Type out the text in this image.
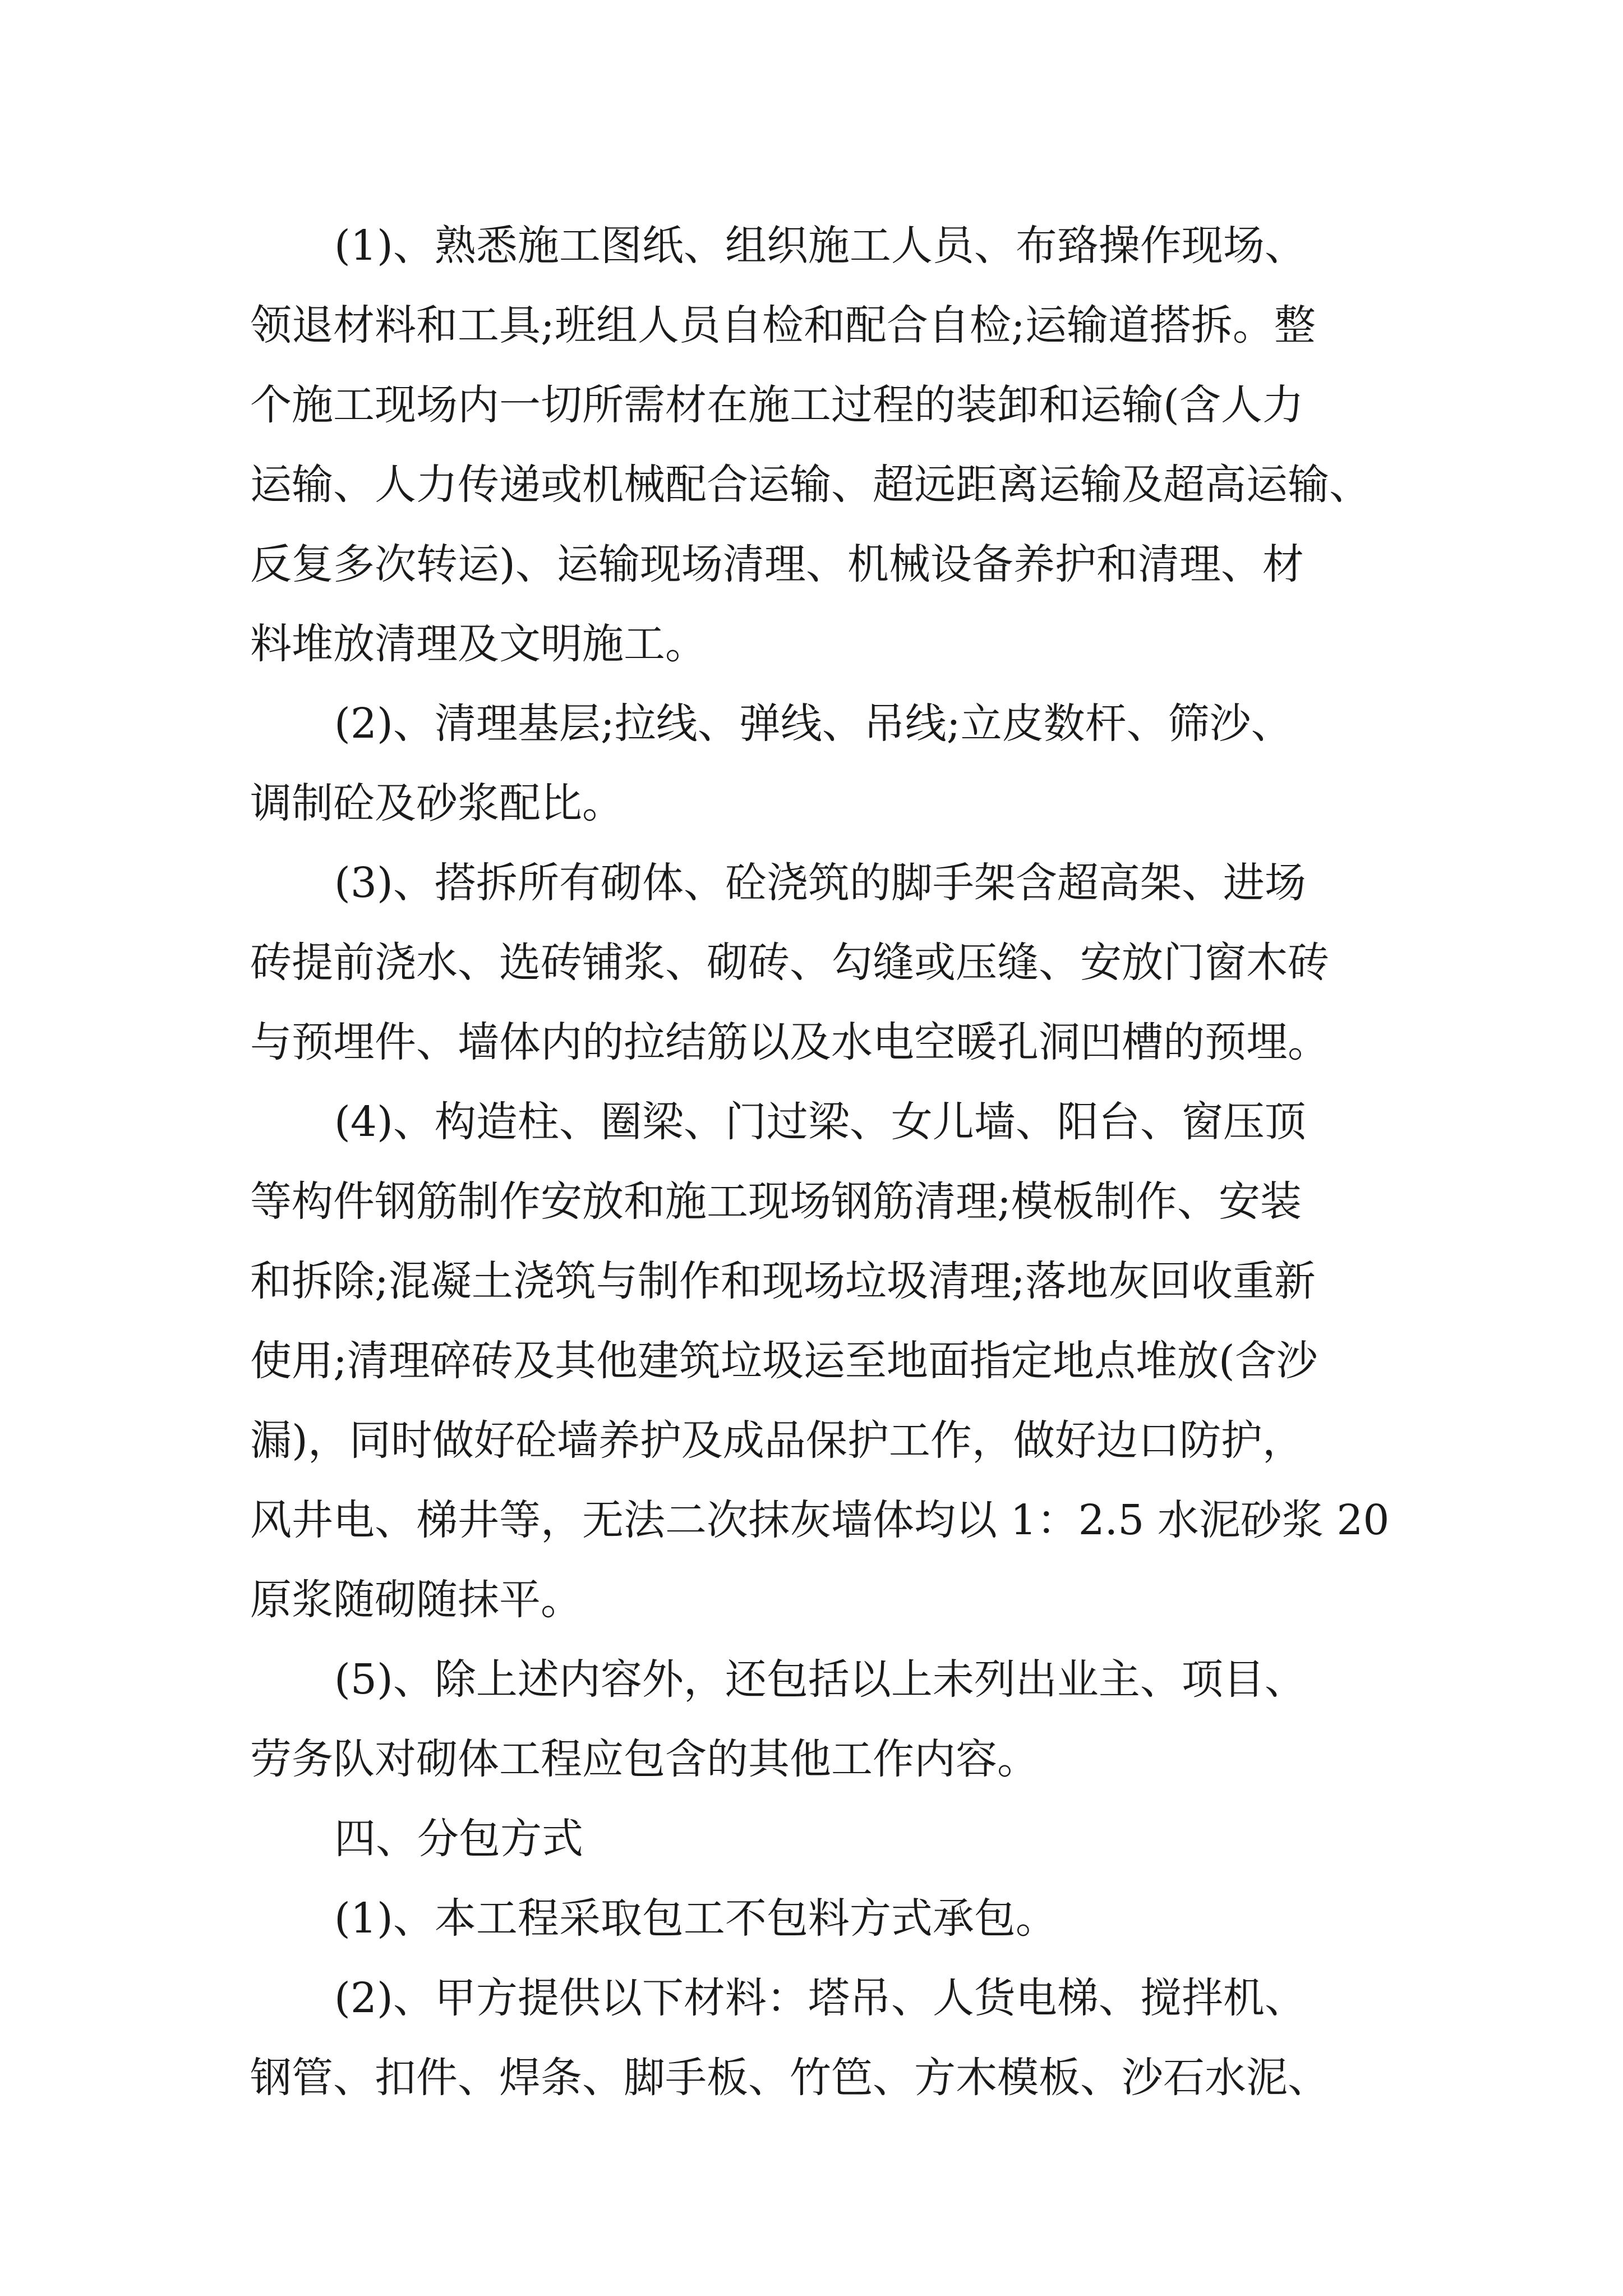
(1)、熟悉施工图纸、组织施工人员、布臵操作现场、
领退材料和工具;班组人员自检和配合自检;运输道搭拆。整
个施工现场内一切所需材在施工过程的装卸和运输(含人力
运输、人力传递或机械配合运输、超远距离运输及超高运输、
反复多次转运)、运输现场清理、机械设备养护和清理、材
料堆放清理及文明施工。
(2)、清理基层;拉线、弹线、吊线;立皮数杆、筛沙、
调制砼及砂浆配比。
(3)、搭拆所有砌体、砼浇筑的脚手架含超高架、进场
砖提前浇水、选砖铺浆、砌砖、勾缝或压缝、安放门窗木砖
与预埋件、墙体内的拉结筋以及水电空暖孔洞凹槽的预埋。
(4)、构造柱、圈梁、门过梁、女儿墙、阳台、窗压顶
等构件钢筋制作安放和施工现场钢筋清理;模板制作、安装
和拆除;混凝土浇筑与制作和现场垃圾清理;落地灰回收重新
使用;清理碎砖及其他建筑垃圾运至地面指定地点堆放(含沙
漏)，同时做好砼墙养护及成品保护工作，做好边口防护，
风井电、梯井等，无法二次抹灰墙体均以 1：2.5 水泥砂浆 20
原浆随砌随抹平。
(5)、除上述内容外，还包括以上未列出业主、项目、
劳务队对砌体工程应包含的其他工作内容。
四、分包方式
(1)、本工程采取包工不包料方式承包。
(2)、甲方提供以下材料：塔吊、人货电梯、搅拌机、
钢管、扣件、焊条、脚手板、竹笆、方木模板、沙石水泥、
